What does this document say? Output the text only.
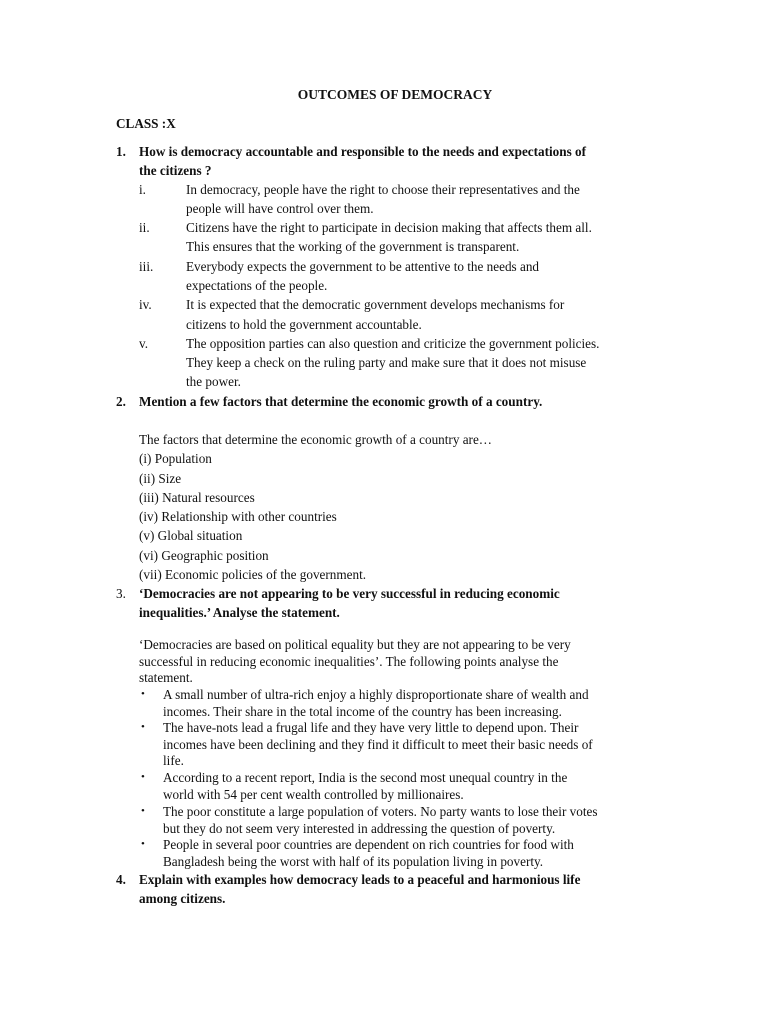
OUTCOMES OF DEMOCRACY
CLASS :X
1. How is democracy accountable and responsible to the needs and expectations of
the citizens ?
i.	In democracy, people have the right to choose their representatives and the
people will have control over them.
ii.	Citizens have the right to participate in decision making that affects them all.
This ensures that the working of the government is transparent.
iii. Everybody expects the government to be attentive to the needs and
expectations of the people.
iv.	It is expected that the democratic government develops mechanisms for
citizens to hold the government accountable.
v.	The opposition parties can also question and criticize the government policies.
They keep a check on the ruling party and make sure that it does not misuse
the power.
2. Mention a few factors that determine the economic growth of a country.
The factors that determine the economic growth of a country are…
(i) Population
(ii) Size
(iii) Natural resources
(iv) Relationship with other countries
(v) Global situation
(vi) Geographic position
(vii) Economic policies of the government.
3. ‘Democracies are not appearing to be very successful in reducing economic
inequalities.’ Analyse the statement.
‘Democracies are based on political equality but they are not appearing to be very
successful in reducing economic inequalities’. The following points analyse the
statement.
• A small number of ultra-rich enjoy a highly disproportionate share of wealth and
incomes. Their share in the total income of the country has been increasing.
• The have-nots lead a frugal life and they have very little to depend upon. Their
incomes have been declining and they find it difficult to meet their basic needs of
life.
• According to a recent report, India is the second most unequal country in the
world with 54 per cent wealth controlled by millionaires.
• The poor constitute a large population of voters. No party wants to lose their votes
but they do not seem very interested in addressing the question of poverty.
• People in several poor countries are dependent on rich countries for food with
Bangladesh being the worst with half of its population living in poverty.
4. Explain with examples how democracy leads to a peaceful and harmonious life
among citizens.
